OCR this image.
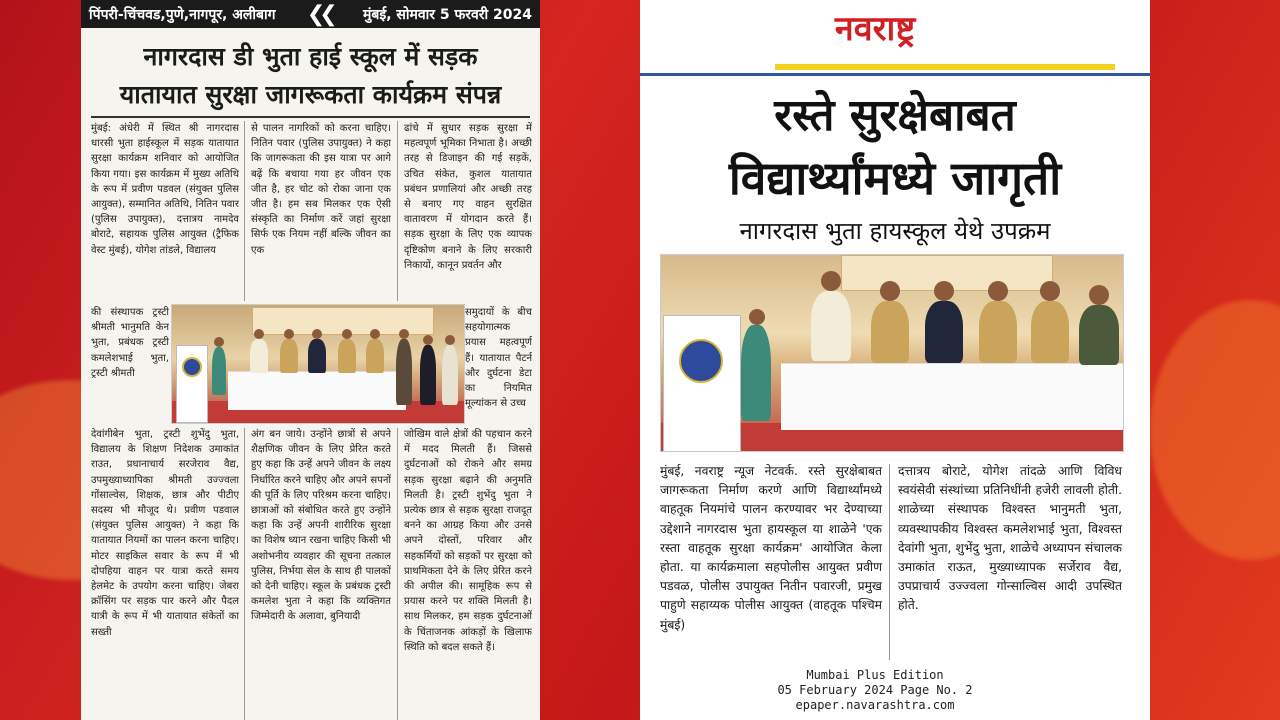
पिंपरी-चिंचवड,पुणे,नागपूर, अलीबाग ❮❮ मुंबई, सोमवार 5 फरवरी 2024
नागरदास डी भुता हाई स्कूल में सड़क
यातायात सुरक्षा जागरूकता कार्यक्रम संपन्न
मुंबई: अंधेरी में स्थित श्री नागरदास धारसी भुता हाईस्कूल में सड़क यातायात सुरक्षा कार्यक्रम शनिवार को आयोजित किया गया। इस कार्यक्रम में मुख्य अतिथि के रूप में प्रवीण पडवल (संयुक्त पुलिस आयुक्त), सम्मानित अतिथि, नितिन पवार (पुलिस उपायुक्त), दत्तात्रय नामदेव बोराटे, सहायक पुलिस आयुक्त (ट्रैफिक वेस्ट मुंबई), योगेश तांडले, विद्यालय
की संस्थापक ट्रस्टी श्रीमती भानुमति केन भुता, प्रबंधक ट्रस्टी कमलेशभाई भुता, ट्रस्टी श्रीमती
देवांगीबेन भुता, ट्रस्टी शुभेंदु भुता, विद्यालय के शिक्षण निदेशक उमाकांत राउत, प्रधानाचार्य सरजेराव वैद्य, उपमुख्याध्यापिका श्रीमती उज्ज्वला गोंसाल्वेस, शिक्षक, छात्र और पीटीए सदस्य भी मौजूद थे। प्रवीण पडवाल (संयुक्त पुलिस आयुक्त) ने कहा कि यातायात नियमों का पालन करना चाहिए। मोटर साइकिल सवार के रूप में भी दोपहिया वाहन पर यात्रा करते समय हेलमेट के उपयोग करना चाहिए। जेबरा क्रॉसिंग पर सड़क पार करने और पैदल यात्री के रूप में भी यातायात संकेतों का सख्ती
से पालन नागरिकों को करना चाहिए। नितिन पवार (पुलिस उपायुक्त) ने कहा कि जागरूकता की इस यात्रा पर आगे बढ़ें कि बचाया गया हर जीवन एक जीत है, हर चोट को रोका जाना एक जीत है। हम सब मिलकर एक ऐसी संस्कृति का निर्माण करें जहां सुरक्षा सिर्फ एक नियम नहीं बल्कि जीवन का एक
अंग बन जाये। उन्होंने छात्रों से अपने शैक्षणिक जीवन के लिए प्रेरित करते हुए कहा कि उन्हें अपने जीवन के लक्ष्य निर्धारित करने चाहिए और अपने सपनों की पूर्ति के लिए परिश्रम करना चाहिए। छात्राओं को संबोधित करते हुए उन्होंने कहा कि उन्हें अपनी शारीरिक सुरक्षा का विशेष ध्यान रखना चाहिए किसी भी अशोभनीय व्यवहार की सूचना तत्काल पुलिस, निर्भया सेल के साथ ही पालकों को देनी चाहिए। स्कूल के प्रबंधक ट्रस्टी कमलेश भुता ने कहा कि व्यक्तिगत जिम्मेदारी के अलावा, बुनियादी
ढांचे में सुधार सड़क सुरक्षा में महत्वपूर्ण भूमिका निभाता है। अच्छी तरह से डिजाइन की गई सड़कें, उचित संकेत, कुशल यातायात प्रबंधन प्रणालियां और अच्छी तरह से बनाए गए वाहन सुरक्षित वातावरण में योगदान करते हैं। सड़क सुरक्षा के लिए एक व्यापक दृष्टिकोण बनाने के लिए सरकारी निकायों, कानून प्रवर्तन और
समुदायों के बीच सहयोगात्मक प्रयास महत्वपूर्ण हैं। यातायात पैटर्न और दुर्घटना डेटा का नियमित मूल्यांकन से उच्च
जोखिम वाले क्षेत्रों की पहचान करने में मदद मिलती हैं। जिससे दुर्घटनाओं को रोकने और समग्र सड़क सुरक्षा बढ़ाने की अनुमति मिलती है। ट्रस्टी शुभेंदु भुता ने प्रत्येक छात्र से सड़क सुरक्षा राजदूत बनने का आग्रह किया और उनसे अपने दोस्तों, परिवार और सहकर्मियों को सड़कों पर सुरक्षा को प्राथमिकता देने के लिए प्रेरित करने की अपील की। सामूहिक रूप से प्रयास करने पर शक्ति मिलती है। साथ मिलकर, हम सड़क दुर्घटनाओं के चिंताजनक आंकड़ों के खिलाफ स्थिति को बदल सकते हैं।
नवराष्ट्र
रस्ते सुरक्षेबाबत
विद्यार्थ्यांमध्ये जागृती
नागरदास भुता हायस्कूल येथे उपक्रम
मुंबई, नवराष्ट्र न्यूज नेटवर्क. रस्ते सुरक्षेबाबत जागरूकता निर्माण करणे आणि विद्यार्थ्यांमध्ये वाहतूक नियमांचे पालन करण्यावर भर देण्याच्या उद्देशाने नागरदास भुता हायस्कूल या शाळेने 'एक रस्ता वाहतूक सुरक्षा कार्यक्रम' आयोजित केला होता. या कार्यक्रमाला सहपोलीस आयुक्त प्रवीण पडवळ, पोलीस उपायुक्त नितीन पवारजी, प्रमुख पाहुणे सहाय्यक पोलीस आयुक्त (वाहतूक पश्चिम मुंबई)
दत्तात्रय बोराटे, योगेश तांदळे आणि विविध स्वयंसेवी संस्थांच्या प्रतिनिधींनी हजेरी लावली होती. शाळेच्या संस्थापक विश्वस्त भानुमती भुता, व्यवस्थापकीय विश्वस्त कमलेशभाई भुता, विश्वस्त देवांगी भुता, शुभेंदु भुता, शाळेचे अध्यापन संचालक उमाकांत राऊत, मुख्याध्यापक सर्जेराव वैद्य, उपप्राचार्य उज्ज्वला गोन्साल्विस आदी उपस्थित होते.
Mumbai Plus Edition
05 February 2024 Page No. 2
epaper.navarashtra.com
